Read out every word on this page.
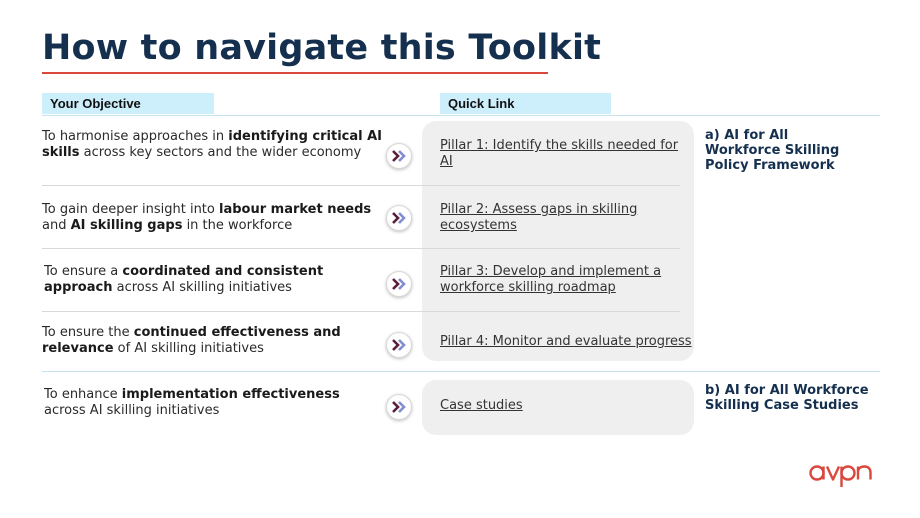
How to navigate this Toolkit
Your Objective	Quick Link
To harmonise approaches in identifying critical AI skills across key sectors and the wider economy
To gain deeper insight into labour market needs and AI skilling gaps in the workforce
To ensure a coordinated and consistent approach across AI skilling initiatives
To ensure the continued effectiveness and relevance of AI skilling initiatives
To enhance implementation effectiveness across AI skilling initiatives
Pillar 1: Identify the skills needed for AI
Pillar 2: Assess gaps in skilling ecosystems
Pillar 3: Develop and implement a workforce skilling roadmap
Pillar 4: Monitor and evaluate progress
Case studies
a) AI for All Workforce Skilling Policy Framework
b) AI for All Workforce Skilling Case Studies
